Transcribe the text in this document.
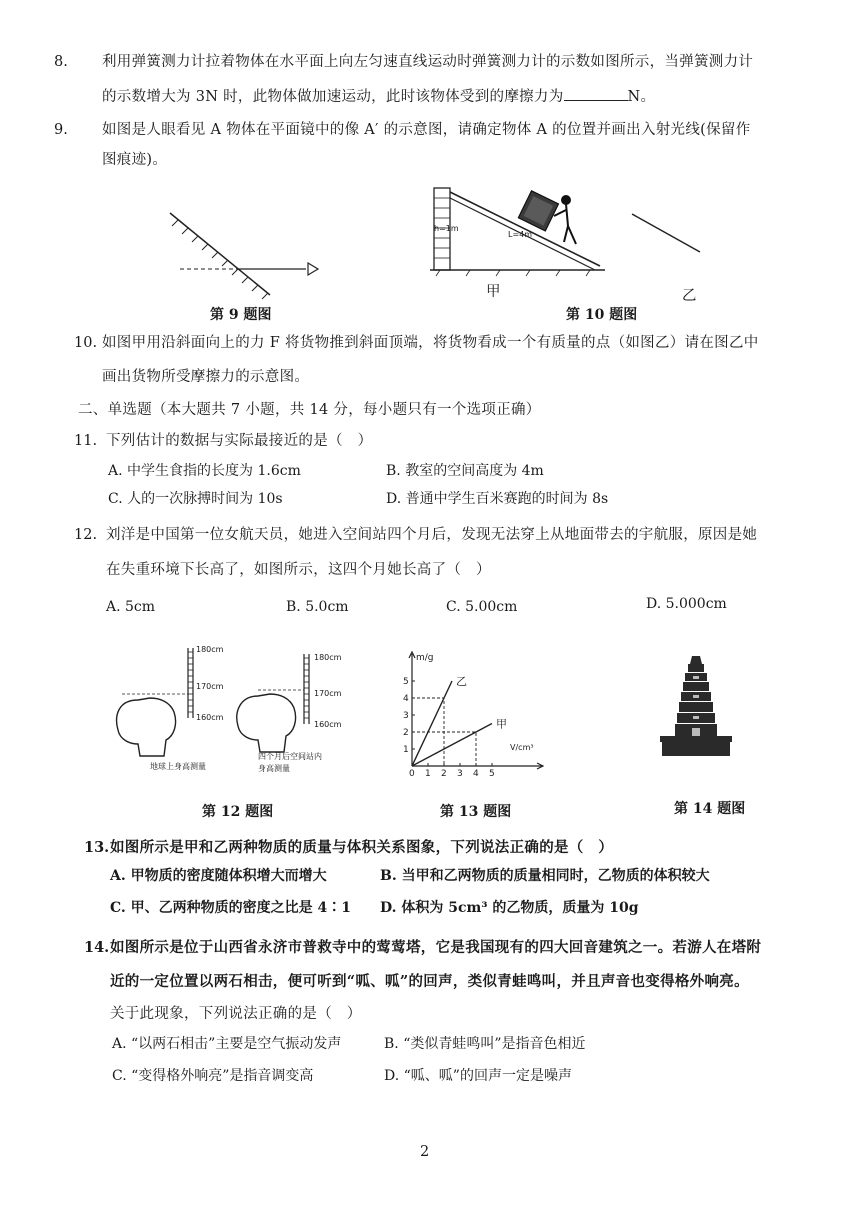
8. 利用弹簧测力计拉着物体在水平面上向左匀速直线运动时弹簧测力计的示数如图所示，当弹簧测力计
的示数增大为 3N 时，此物体做加速运动，此时该物体受到的摩擦力为	N。
9. 如图是人眼看见 A 物体在平面镜中的像 A′ 的示意图，请确定物体 A 的位置并画出入射光线(保留作
图痕迹)。
h=1m
L=4m
甲	乙
第 9 题图	第 10 题图
10. 如图甲用沿斜面向上的力 F 将货物推到斜面顶端，将货物看成一个有质量的点（如图乙）请在图乙中
画出货物所受摩擦力的示意图。
二、单选题（本大题共 7 小题，共 14 分，每小题只有一个选项正确）
11. 下列估计的数据与实际最接近的是（　）
A. 中学生食指的长度为 1.6cm	B. 教室的空间高度为 4m
C. 人的一次脉搏时间为 10s	D. 普通中学生百米赛跑的时间为 8s
12. 刘洋是中国第一位女航天员，她进入空间站四个月后，发现无法穿上从地面带去的宇航服，原因是她
在失重环境下长高了，如图所示，这四个月她长高了（　）
A. 5cm	B. 5.0cm	C. 5.00cm	D. 5.000cm
180cm
170cm
160cm
180cm
170cm
160cm
地球上身高测量
四个月后空间站内
身高测量
1
2
3
4
5
0 1 2 3 4 5
m/g
V/cm³
乙
甲
第 12 题图	第 13 题图	第 14 题图
13. 如图所示是甲和乙两种物质的质量与体积关系图象，下列说法正确的是（　）
A. 甲物质的密度随体积增大而增大	B. 当甲和乙两物质的质量相同时，乙物质的体积较大
C. 甲、乙两种物质的密度之比是 4∶1 D. 体积为 5cm³ 的乙物质，质量为 10g
14. 如图所示是位于山西省永济市普救寺中的莺莺塔，它是我国现有的四大回音建筑之一。若游人在塔附
近的一定位置以两石相击，便可听到“呱、呱”的回声，类似青蛙鸣叫，并且声音也变得格外响亮。
关于此现象，下列说法正确的是（　）
A. “以两石相击”主要是空气振动发声	B. “类似青蛙鸣叫”是指音色相近
C. “变得格外响亮”是指音调变高	D. “呱、呱”的回声一定是噪声
2
